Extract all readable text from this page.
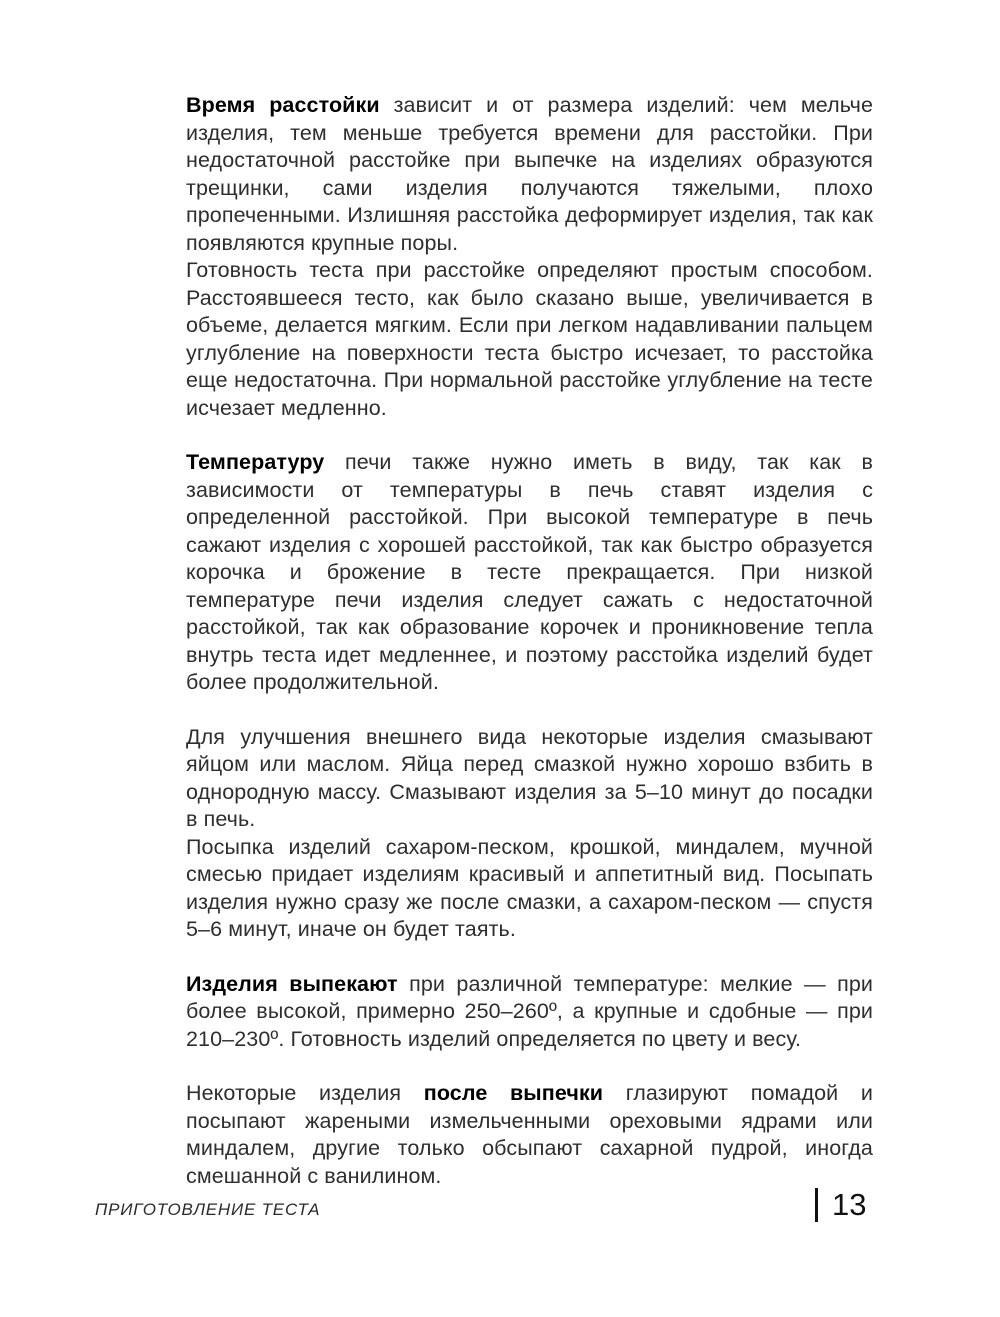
Время расстойки зависит и от размера изделий: чем мельче изделия, тем меньше требуется времени для расстойки. При недостаточной расстойке при выпечке на изделиях образуются трещинки, сами изделия получаются тяжелыми, плохо пропеченными. Излишняя расстойка деформирует изделия, так как появляются крупные поры.

Готовность теста при расстойке определяют простым способом. Расстоявшееся тесто, как было сказано выше, увеличивается в объеме, делается мягким. Если при легком надавливании пальцем углубление на поверхности теста быстро исчезает, то расстойка еще недостаточна. При нормальной расстойке углубление на тесте исчезает медленно.

Температуру печи также нужно иметь в виду, так как в зависимости от температуры в печь ставят изделия с определенной расстойкой. При высокой температуре в печь сажают изделия с хорошей расстойкой, так как быстро образуется корочка и брожение в тесте прекращается. При низкой температуре печи изделия следует сажать с недостаточной расстойкой, так как образование корочек и проникновение тепла внутрь теста идет медленнее, и поэтому расстойка изделий будет более продолжительной.

Для улучшения внешнего вида некоторые изделия смазывают яйцом или маслом. Яйца перед смазкой нужно хорошо взбить в однородную массу. Смазывают изделия за 5–10 минут до посадки в печь.

Посыпка изделий сахаром-песком, крошкой, миндалем, мучной смесью придает изделиям красивый и аппетитный вид. Посыпать изделия нужно сразу же после смазки, а сахаром-песком — спустя 5–6 минут, иначе он будет таять.

Изделия выпекают при различной температуре: мелкие — при более высокой, примерно 250–260º, а крупные и сдобные — при 210–230º. Готовность изделий определяется по цвету и весу.

Некоторые изделия после выпечки глазируют помадой и посыпают жареными измельченными ореховыми ядрами или миндалем, другие только обсыпают сахарной пудрой, иногда смешанной с ванилином.

ПРИГОТОВЛЕНИЕ ТЕСТА	13
